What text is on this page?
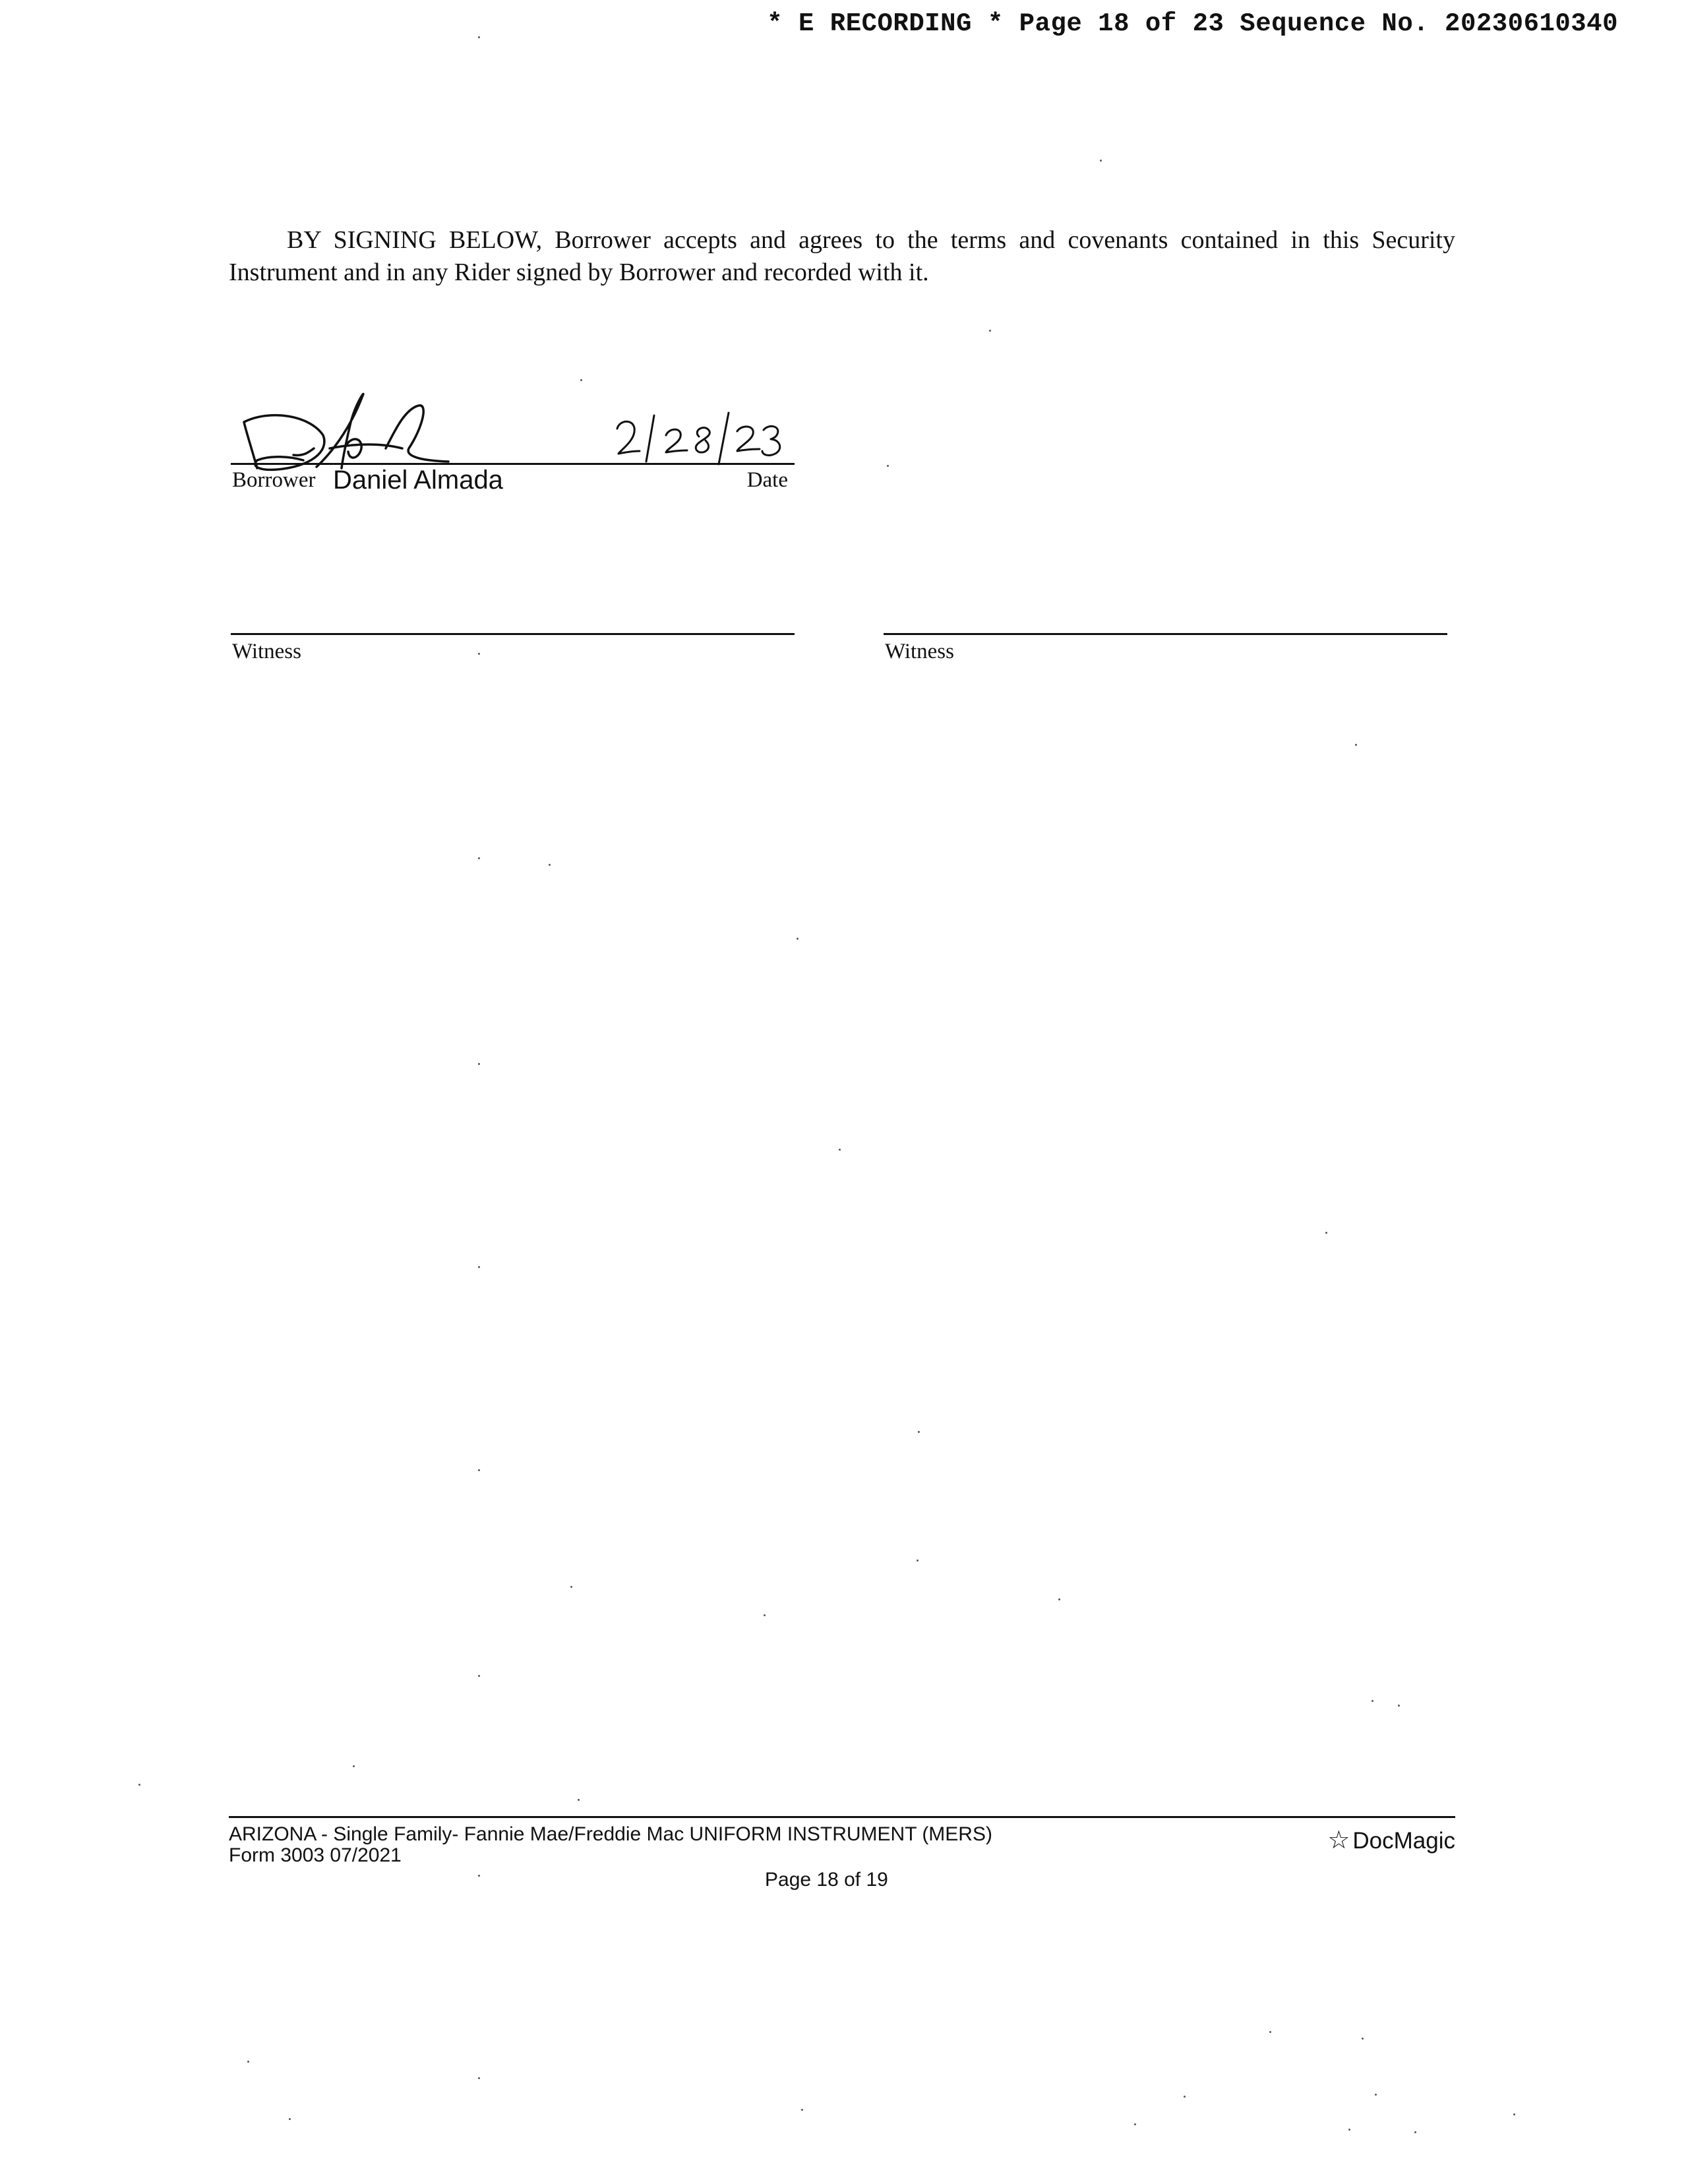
* E RECORDING * Page 18 of 23 Sequence No. 20230610340

BY SIGNING BELOW, Borrower accepts and agrees to the terms and covenants contained in this Security Instrument and in any Rider signed by Borrower and recorded with it.

Borrower Daniel Almada	Date
Witness	Witness
ARIZONA - Single Family- Fannie Mae/Freddie Mac UNIFORM INSTRUMENT (MERS)
Form 3003 07/2021
Page 18 of 19
☆ DocMagic
